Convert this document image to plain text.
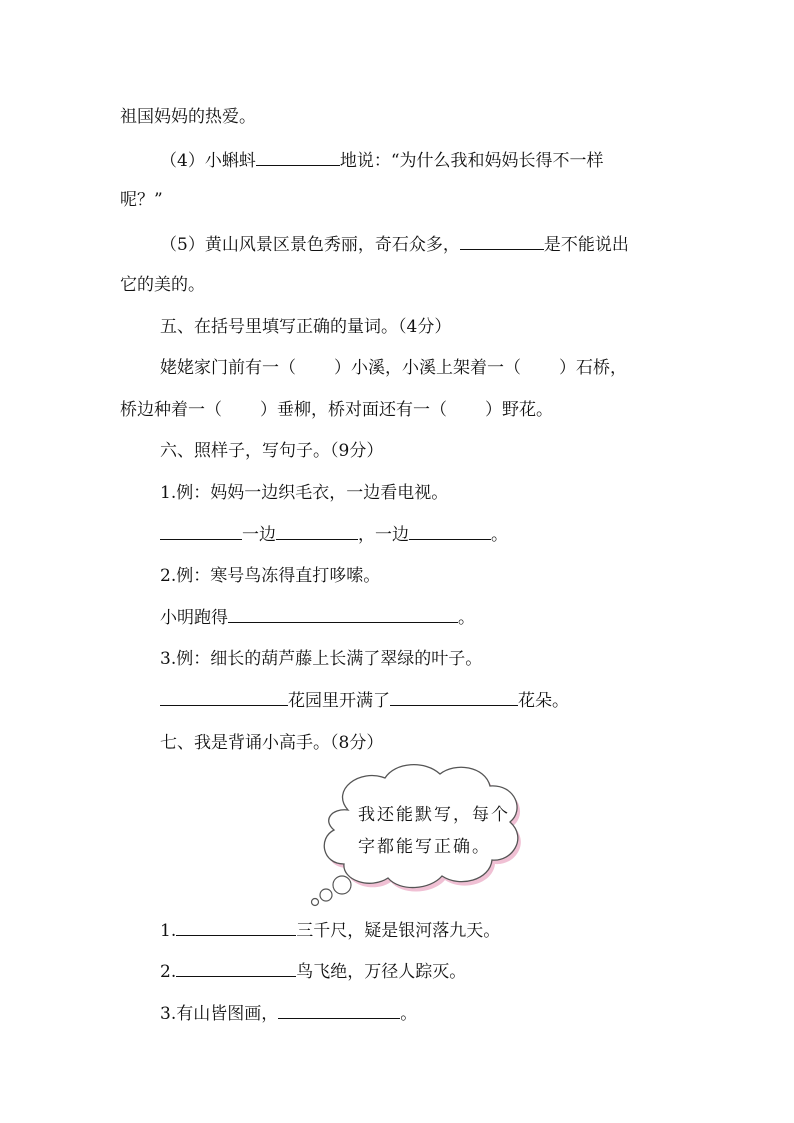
祖国妈妈的热爱。
（4）小蝌蚪	地说：“为什么我和妈妈长得不一样
呢？”
（5）黄山风景区景色秀丽，奇石众多，	是不能说出
它的美的。
五、在括号里填写正确的量词。（4分）
姥姥家门前有一（ ）小溪，小溪上架着一（ ）石桥，
桥边种着一（ ）垂柳，桥对面还有一（ ）野花。
六、照样子，写句子。（9分）
1.例：妈妈一边织毛衣，一边看电视。
一边	，一边	。
2.例：寒号鸟冻得直打哆嗦。
小明跑得	。
3.例：细长的葫芦藤上长满了翠绿的叶子。
花园里开满了	花朵。
七、我是背诵小高手。（8分）
我还能默写，每个
字都能写正确。
1.	三千尺，疑是银河落九天。
2.	鸟飞绝，万径人踪灭。
3.有山皆图画，	。
